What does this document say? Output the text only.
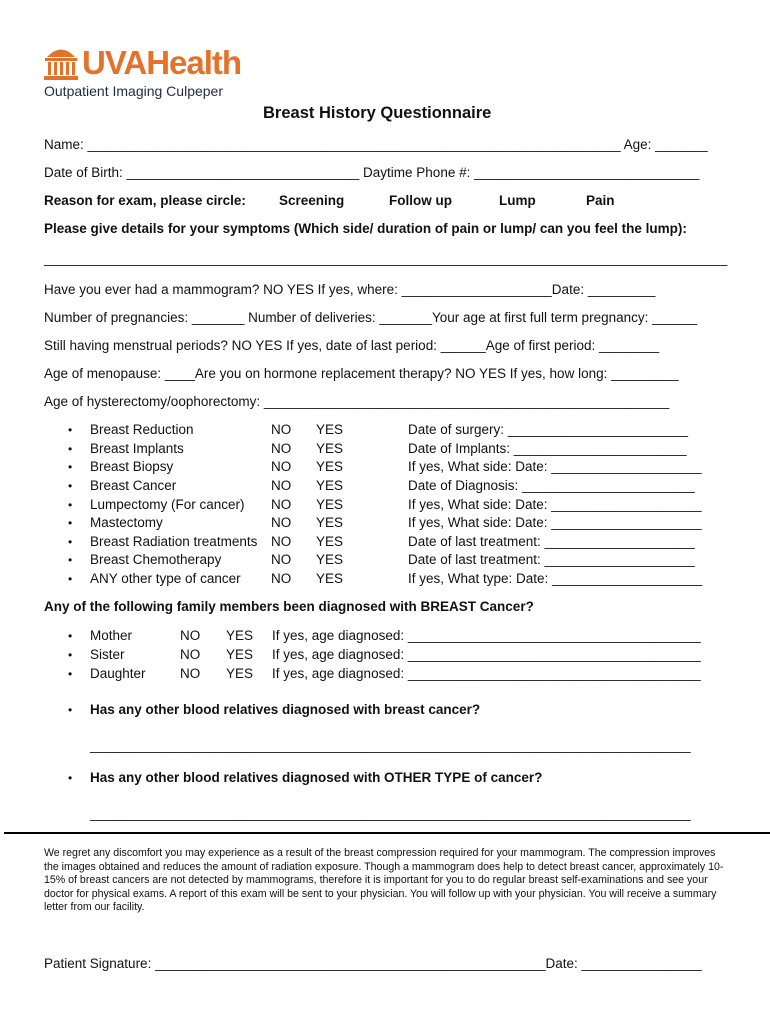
UVAHealth
Outpatient Imaging Culpeper
Breast History Questionnaire
Name: _______________________________________________________________________ Age: _______
Date of Birth: _______________________________ Daytime Phone #: ______________________________
Reason for exam, please circle: Screening	Follow up	Lump	Pain
Please give details for your symptoms (Which side/ duration of pain or lump/ can you feel the lump):
___________________________________________________________________________________________
Have you ever had a mammogram? NO YES If yes, where: ____________________Date: _________
Number of pregnancies: _______ Number of deliveries: _______Your age at first full term pregnancy: ______
Still having menstrual periods? NO YES If yes, date of last period: ______Age of first period: ________
Age of menopause: ____Are you on hormone replacement therapy? NO YES If yes, how long: _________
Age of hysterectomy/oophorectomy: ______________________________________________________
• Breast Reduction	NO YES	Date of surgery: ________________________
• Breast Implants	NO YES	Date of Implants: _______________________
• Breast Biopsy	NO YES	If yes, What side: Date: ____________________
• Breast Cancer	NO YES	Date of Diagnosis: _______________________
• Lumpectomy (For cancer) NO YES	If yes, What side: Date: ____________________
• Mastectomy	NO YES	If yes, What side: Date: ____________________
• Breast Radiation treatments NO YES	Date of last treatment: ____________________
• Breast Chemotherapy	NO YES	Date of last treatment: ____________________
• ANY other type of cancer NO YES	If yes, What type: Date: ____________________
Any of the following family members been diagnosed with BREAST Cancer?
• Mother	NO YES If yes, age diagnosed: _______________________________________
• Sister	NO YES If yes, age diagnosed: _______________________________________
• Daughter	NO YES If yes, age diagnosed: _______________________________________
• Has any other blood relatives diagnosed with breast cancer?
________________________________________________________________________________
• Has any other blood relatives diagnosed with OTHER TYPE of cancer?
________________________________________________________________________________
We regret any discomfort you may experience as a result of the breast compression required for your mammogram. The compression improves the images obtained and reduces the amount of radiation exposure. Though a mammogram does help to detect breast cancer, approximately 10-15% of breast cancers are not detected by mammograms, therefore it is important for you to do regular breast self-examinations and see your doctor for physical exams. A report of this exam will be sent to your physician. You will follow up with your physician. You will receive a summary letter from our facility.
Patient Signature: ____________________________________________________Date: ________________
